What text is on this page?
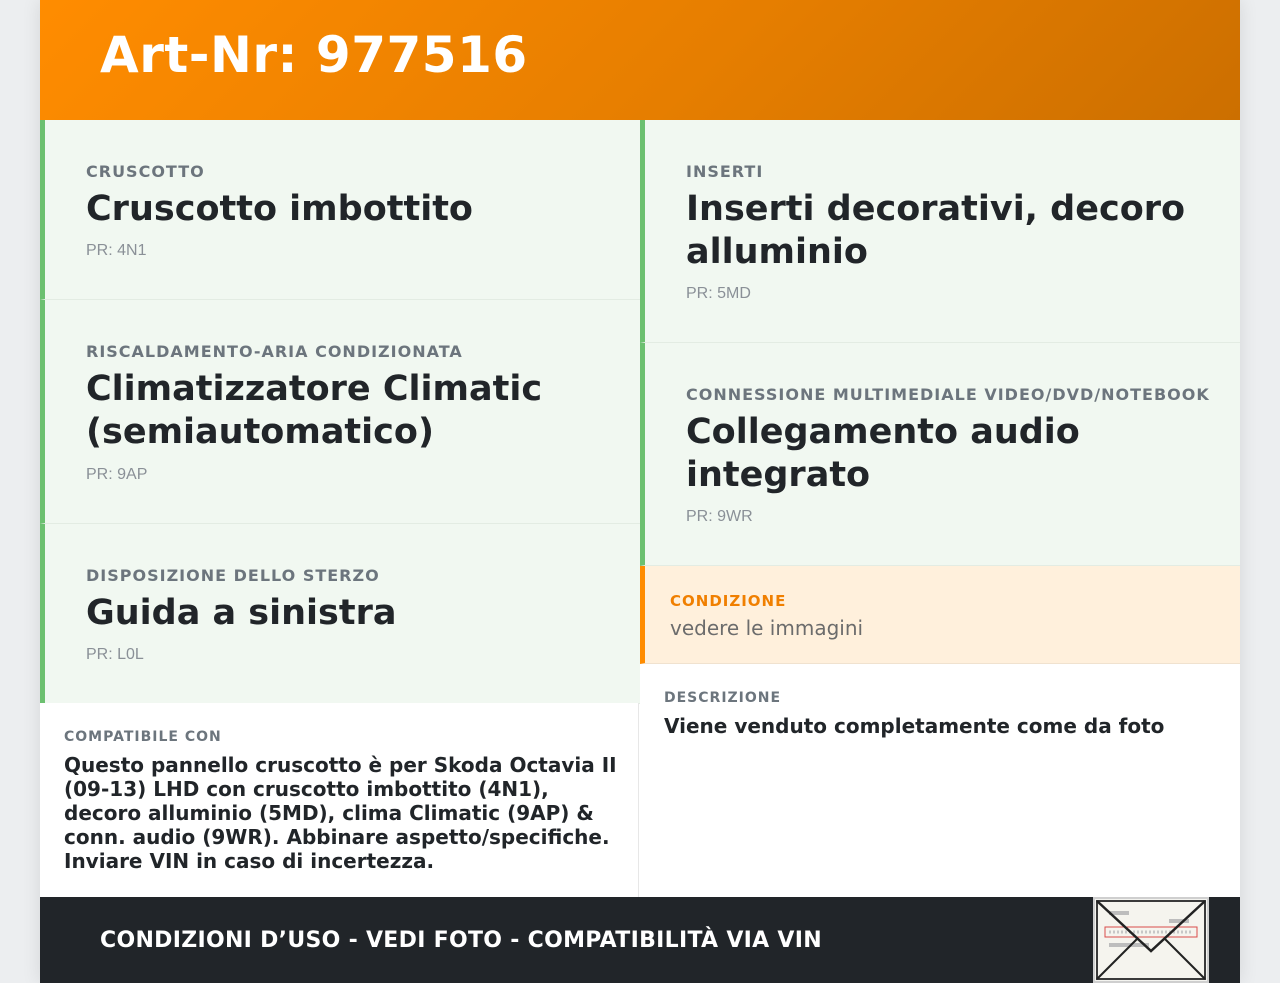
Art-Nr: 977516
CRUSCOTTO
Cruscotto imbottito
PR: 4N1
RISCALDAMENTO-ARIA CONDIZIONATA
Climatizzatore Climatic (semiautomatico)
PR: 9AP
DISPOSIZIONE DELLO STERZO
Guida a sinistra
PR: L0L
COMPATIBILE CON
Questo pannello cruscotto è per Skoda Octavia II (09-13) LHD con cruscotto imbottito (4N1), decoro alluminio (5MD), clima Climatic (9AP) & conn. audio (9WR). Abbinare aspetto/specifiche. Inviare VIN in caso di incertezza.
INSERTI
Inserti decorativi, decoro alluminio
PR: 5MD
CONNESSIONE MULTIMEDIALE VIDEO/DVD/NOTEBOOK
Collegamento audio integrato
PR: 9WR
CONDIZIONE
vedere le immagini
DESCRIZIONE
Viene venduto completamente come da foto
CONDIZIONI D’USO - VEDI FOTO - COMPATIBILITÀ VIA VIN
